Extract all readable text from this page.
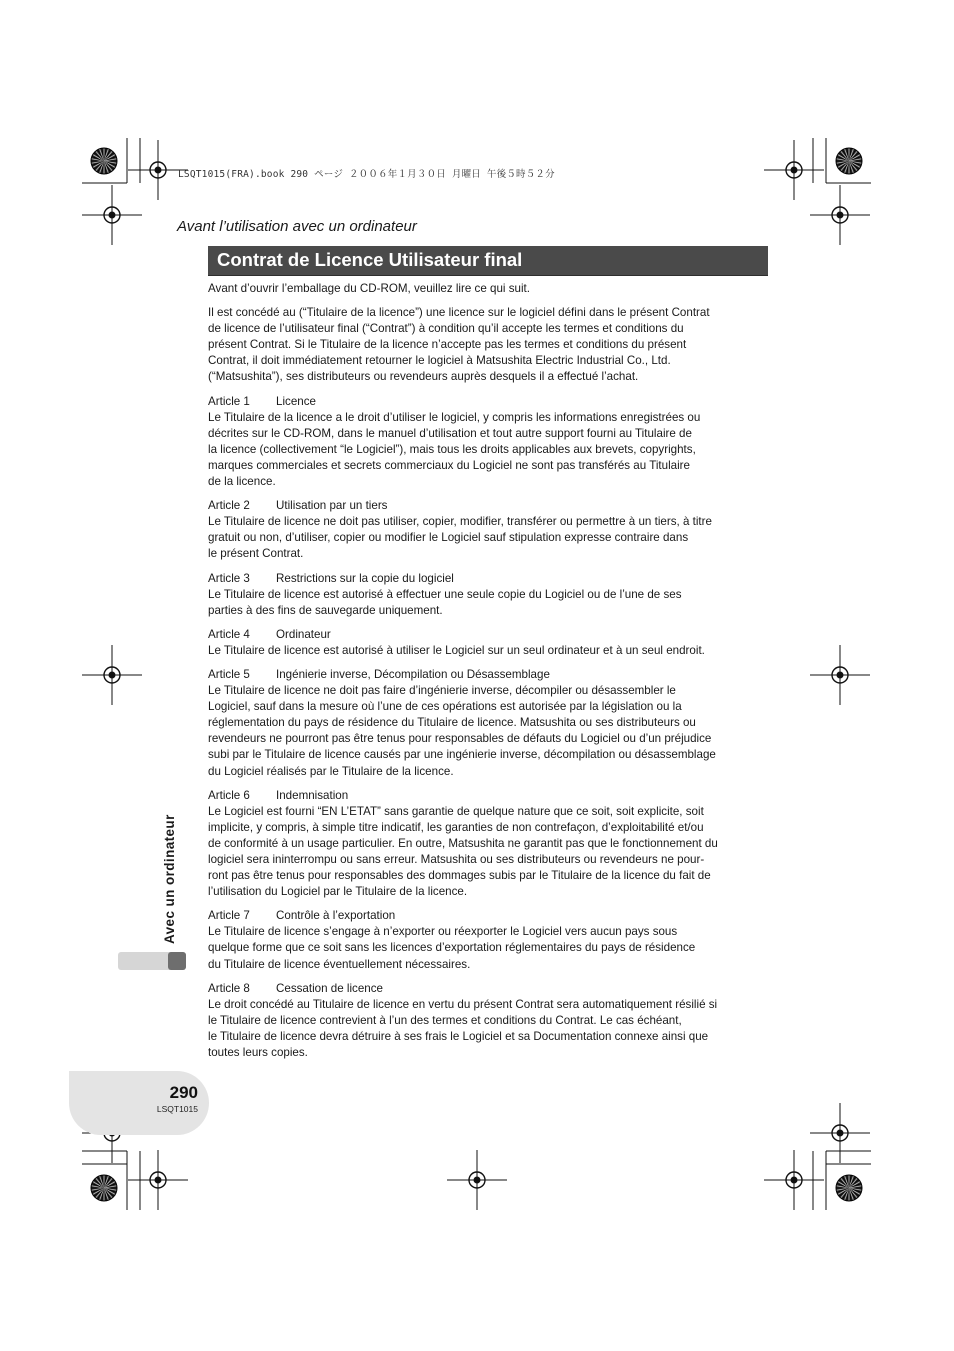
LSQT1015(FRA).book 290 ページ ２００６年１月３０日 月曜日 午後５時５２分
Avant l’utilisation avec un ordinateur
Contrat de Licence Utilisateur final

Avant d’ouvrir l’emballage du CD-ROM, veuillez lire ce qui suit.

Il est concédé au (“Titulaire de la licence”) une licence sur le logiciel défini dans le présent Contrat
de licence de l’utilisateur final (“Contrat”) à condition qu’il accepte les termes et conditions du
présent Contrat. Si le Titulaire de la licence n’accepte pas les termes et conditions du présent
Contrat, il doit immédiatement retourner le logiciel à Matsushita Electric Industrial Co., Ltd.
(“Matsushita”), ses distributeurs ou revendeurs auprès desquels il a effectué l’achat.

Article 1 Licence
Le Titulaire de la licence a le droit d’utiliser le logiciel, y compris les informations enregistrées ou
décrites sur le CD-ROM, dans le manuel d’utilisation et tout autre support fourni au Titulaire de
la licence (collectivement “le Logiciel”), mais tous les droits applicables aux brevets, copyrights,
marques commerciales et secrets commerciaux du Logiciel ne sont pas transférés au Titulaire
de la licence.

Article 2 Utilisation par un tiers
Le Titulaire de licence ne doit pas utiliser, copier, modifier, transférer ou permettre à un tiers, à titre
gratuit ou non, d’utiliser, copier ou modifier le Logiciel sauf stipulation expresse contraire dans
le présent Contrat.

Article 3 Restrictions sur la copie du logiciel
Le Titulaire de licence est autorisé à effectuer une seule copie du Logiciel ou de l’une de ses
parties à des fins de sauvegarde uniquement.

Article 4 Ordinateur
Le Titulaire de licence est autorisé à utiliser le Logiciel sur un seul ordinateur et à un seul endroit.

Article 5 Ingénierie inverse, Décompilation ou Désassemblage
Le Titulaire de licence ne doit pas faire d’ingénierie inverse, décompiler ou désassembler le
Logiciel, sauf dans la mesure où l’une de ces opérations est autorisée par la législation ou la
réglementation du pays de résidence du Titulaire de licence. Matsushita ou ses distributeurs ou
revendeurs ne pourront pas être tenus pour responsables de défauts du Logiciel ou d’un préjudice
subi par le Titulaire de licence causés par une ingénierie inverse, décompilation ou désassemblage
du Logiciel réalisés par le Titulaire de la licence.

Article 6 Indemnisation
Le Logiciel est fourni “EN L’ETAT” sans garantie de quelque nature que ce soit, soit explicite, soit
implicite, y compris, à simple titre indicatif, les garanties de non contrefaçon, d’exploitabilité et/ou
de conformité à un usage particulier. En outre, Matsushita ne garantit pas que le fonctionnement du
logiciel sera ininterrompu ou sans erreur. Matsushita ou ses distributeurs ou revendeurs ne pour-
ront pas être tenus pour responsables des dommages subis par le Titulaire de la licence du fait de
l’utilisation du Logiciel par le Titulaire de la licence.

Article 7 Contrôle à l’exportation
Le Titulaire de licence s’engage à n’exporter ou réexporter le Logiciel vers aucun pays sous
quelque forme que ce soit sans les licences d’exportation réglementaires du pays de résidence
du Titulaire de licence éventuellement nécessaires.

Article 8 Cessation de licence
Le droit concédé au Titulaire de licence en vertu du présent Contrat sera automatiquement résilié si
le Titulaire de licence contrevient à l’un des termes et conditions du Contrat. Le cas échéant,
le Titulaire de licence devra détruire à ses frais le Logiciel et sa Documentation connexe ainsi que
toutes leurs copies.

Avec un ordinateur
290
LSQT1015
